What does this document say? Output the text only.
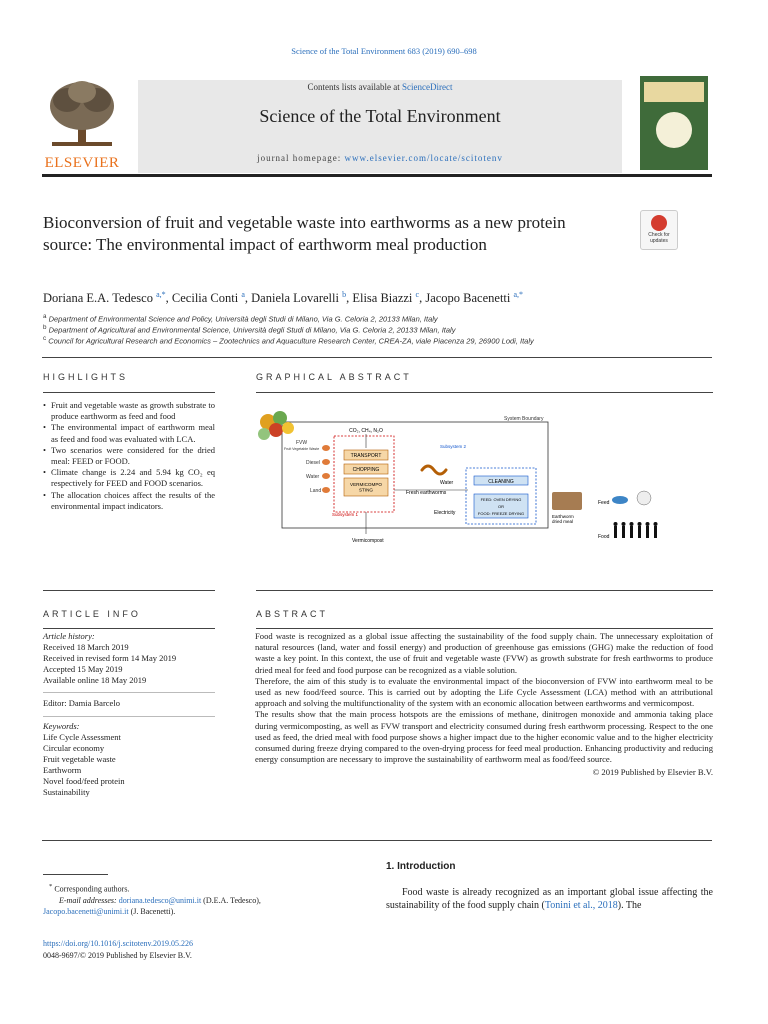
Science of the Total Environment 683 (2019) 690–698
ELSEVIER
Contents lists available at ScienceDirect
Science of the Total Environment
journal homepage: www.elsevier.com/locate/scitotenv
Bioconversion of fruit and vegetable waste into earthworms as a new protein source: The environmental impact of earthworm meal production	Check for updates
Doriana E.A. Tedesco $^{a,*}$, Cecilia Conti $^a$, Daniela Lovarelli $^b$, Elisa Biazzi $^c$, Jacopo Bacenetti $^{a,*}$
$^a$ Department of Environmental Science and Policy, Università degli Studi di Milano, Via G. Celoria 2, 20133 Milan, Italy
$^b$ Department of Agricultural and Environmental Science, Università degli Studi di Milano, Via G. Celoria 2, 20133 Milan, Italy
$^c$ Council for Agricultural Research and Economics – Zootechnics and Aquaculture Research Center, CREA-ZA, viale Piacenza 29, 26900 Lodi, Italy
HIGHLIGHTS
• Fruit and vegetable waste as growth substrate to produce earthworm as feed and food
• The environmental impact of earthworm meal as feed and food was evaluated with LCA.
• Two scenarios were considered for the dried meal: FEED or FOOD.
• Climate change is 2.24 and 5.94 kg CO₂ eq respectively for FEED and FOOD scenarios.
• The allocation choices affect the results of the environmental impact indicators.
GRAPHICAL ABSTRACT
System Boundary
FVW
Fruit Vegetable Waste
Diesel
Water
Land
TRANSPORT
CHOPPING
VERMICOMPO STING
CO₂, CH₄, N₂O
Subsystem 1
Vermicompost
Fresh earthworms
Subsystem 2
Water	CLEANING
FEED: OVEN DRYING
OR
FOOD: FREEZE DRYING
Electricity
Earthworm dried meal
Feed
Food
ARTICLE INFO
Article history:
Received 18 March 2019
Received in revised form 14 May 2019
Accepted 15 May 2019
Available online 18 May 2019
Editor: Damia Barcelo
Keywords:
Life Cycle Assessment
Circular economy
Fruit vegetable waste
Earthworm
Novel food/feed protein
Sustainability
ABSTRACT

Food waste is recognized as a global issue affecting the sustainability of the food supply chain. The unnecessary exploitation of natural resources (land, water and fossil energy) and production of greenhouse gas emissions (GHG) make the reduction of food waste a key point. In this context, the use of fruit and vegetable waste (FVW) as growth substrate for fresh earthworms to produce dried meal for feed and food purpose can be recognized as a viable solution.

Therefore, the aim of this study is to evaluate the environmental impact of the bioconversion of FVW into earthworm meal to be used as new food/feed source. This is carried out by adopting the Life Cycle Assessment (LCA) method with an attributional approach and solving the multifunctionality of the system with an economic allocation between earthworms and vermicompost.

The results show that the main process hotspots are the emissions of methane, dinitrogen monoxide and ammonia taking place during vermicomposting, as well as FVW transport and electricity consumed during fresh earthworm processing. Respect to the one used as feed, the dried meal with food purpose shows a higher impact due to the higher economic value and to the higher electricity consumed during freeze drying compared to the oven-drying process for feed meal production. Enhancing productivity and reducing energy consumption are necessary to improve the sustainability of earthworm meal as food/feed source.

© 2019 Published by Elsevier B.V.

1. Introduction
Food waste is already recognized as an important global issue affecting the sustainability of the food supply chain (Tonini et al., 2018). The
* Corresponding authors.
E-mail addresses: doriana.tedesco@unimi.it (D.E.A. Tedesco),
Jacopo.bacenetti@unimi.it (J. Bacenetti).
https://doi.org/10.1016/j.scitotenv.2019.05.226
0048-9697/© 2019 Published by Elsevier B.V.
